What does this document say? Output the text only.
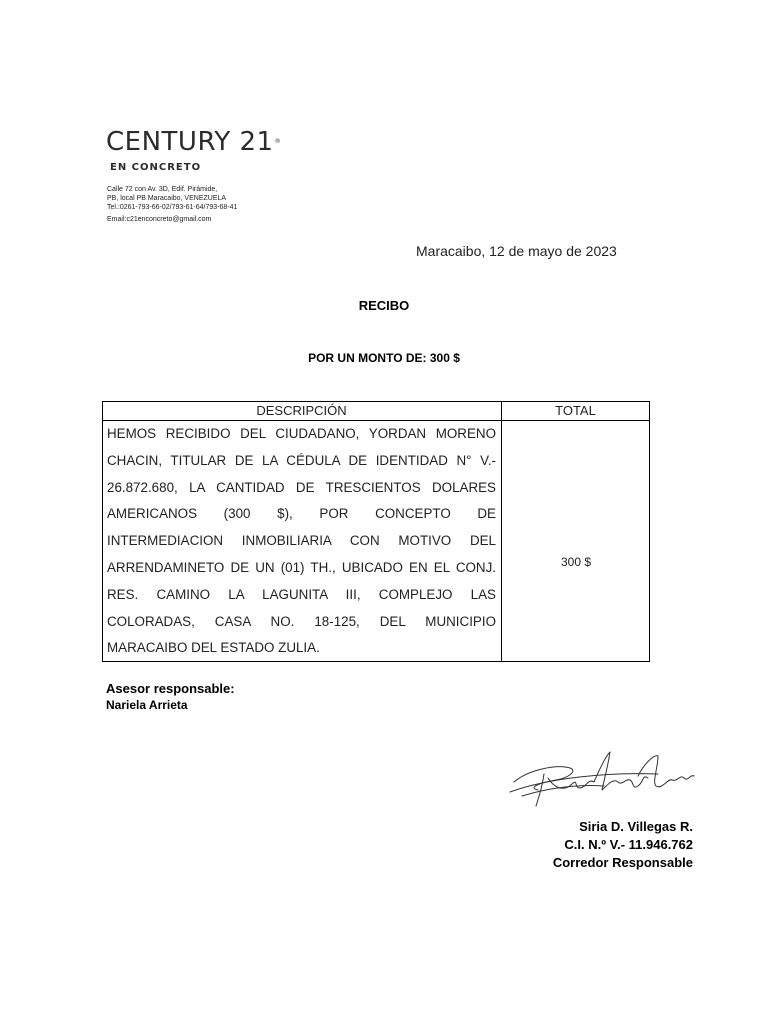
CENTURY 21®
EN CONCRETO
Calle 72 con Av. 3D, Edif. Pirámide,
PB, local PB Maracaibo, VENEZUELA
Tel.:0261-793-66-02/793-61-64/793-68-41
Email:c21enconcreto@gmail.com
Maracaibo, 12 de mayo de 2023
RECIBO
POR UN MONTO DE: 300 $
DESCRIPCIÓN	TOTAL
HEMOS RECIBIDO DEL CIUDADANO, YORDAN MORENO CHACIN, TITULAR DE LA CÉDULA DE IDENTIDAD N° V.- 26.872.680, LA CANTIDAD DE TRESCIENTOS DOLARES AMERICANOS (300 $), POR CONCEPTO DE INTERMEDIACION INMOBILIARIA CON MOTIVO DEL ARRENDAMINETO DE UN (01) TH., UBICADO EN EL CONJ. RES. CAMINO LA LAGUNITA III, COMPLEJO LAS COLORADAS, CASA NO. 18-125, DEL MUNICIPIO MARACAIBO DEL ESTADO ZULIA.
300 $
Asesor responsable:
Nariela Arrieta
Siria D. Villegas R.
C.I. N.º V.- 11.946.762
Corredor Responsable
